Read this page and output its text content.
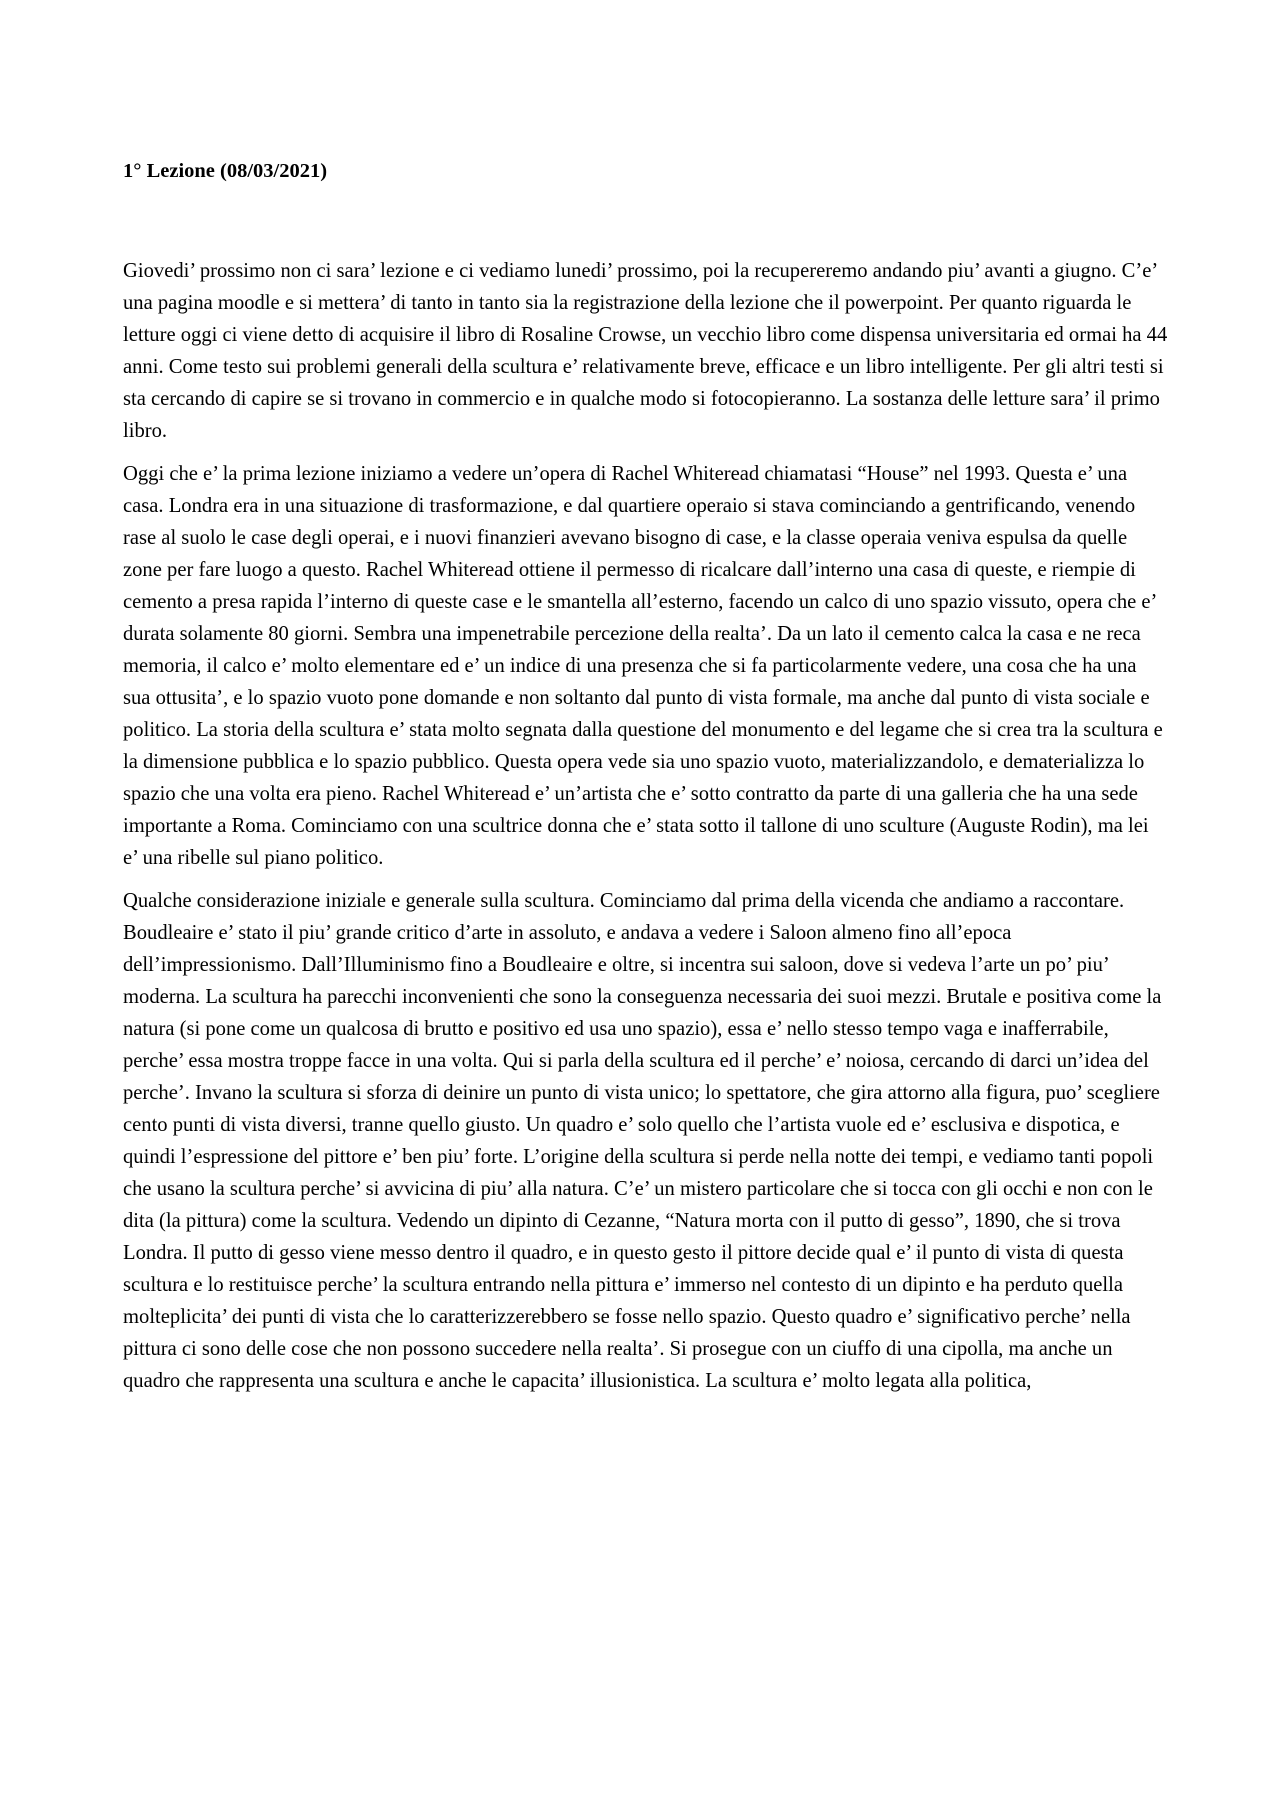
1° Lezione (08/03/2021)

Giovedi’ prossimo non ci sara’ lezione e ci vediamo lunedi’ prossimo, poi la recupereremo andando piu’ avanti a giugno. C’e’ una pagina moodle e si mettera’ di tanto in tanto sia la registrazione della lezione che il powerpoint. Per quanto riguarda le letture oggi ci viene detto di acquisire il libro di Rosaline Crowse, un vecchio libro come dispensa universitaria ed ormai ha 44 anni. Come testo sui problemi generali della scultura e’ relativamente breve, efficace e un libro intelligente. Per gli altri testi si sta cercando di capire se si trovano in commercio e in qualche modo si fotocopieranno. La sostanza delle letture sara’ il primo libro.

Oggi che e’ la prima lezione iniziamo a vedere un’opera di Rachel Whiteread chiamatasi “House” nel 1993. Questa e’ una casa. Londra era in una situazione di trasformazione, e dal quartiere operaio si stava cominciando a gentrificando, venendo rase al suolo le case degli operai, e i nuovi finanzieri avevano bisogno di case, e la classe operaia veniva espulsa da quelle zone per fare luogo a questo. Rachel Whiteread ottiene il permesso di ricalcare dall’interno una casa di queste, e riempie di cemento a presa rapida l’interno di queste case e le smantella all’esterno, facendo un calco di uno spazio vissuto, opera che e’ durata solamente 80 giorni. Sembra una impenetrabile percezione della realta’. Da un lato il cemento calca la casa e ne reca memoria, il calco e’ molto elementare ed e’ un indice di una presenza che si fa particolarmente vedere, una cosa che ha una sua ottusita’, e lo spazio vuoto pone domande e non soltanto dal punto di vista formale, ma anche dal punto di vista sociale e politico. La storia della scultura e’ stata molto segnata dalla questione del monumento e del legame che si crea tra la scultura e la dimensione pubblica e lo spazio pubblico. Questa opera vede sia uno spazio vuoto, materializzandolo, e dematerializza lo spazio che una volta era pieno. Rachel Whiteread e’ un’artista che e’ sotto contratto da parte di una galleria che ha una sede importante a Roma. Cominciamo con una scultrice donna che e’ stata sotto il tallone di uno sculture (Auguste Rodin), ma lei e’ una ribelle sul piano politico.

Qualche considerazione iniziale e generale sulla scultura. Cominciamo dal prima della vicenda che andiamo a raccontare. Boudleaire e’ stato il piu’ grande critico d’arte in assoluto, e andava a vedere i Saloon almeno fino all’epoca dell’impressionismo. Dall’Illuminismo fino a Boudleaire e oltre, si incentra sui saloon, dove si vedeva l’arte un po’ piu’ moderna. La scultura ha parecchi inconvenienti che sono la conseguenza necessaria dei suoi mezzi. Brutale e positiva come la natura (si pone come un qualcosa di brutto e positivo ed usa uno spazio), essa e’ nello stesso tempo vaga e inafferrabile, perche’ essa mostra troppe facce in una volta. Qui si parla della scultura ed il perche’ e’ noiosa, cercando di darci un’idea del perche’. Invano la scultura si sforza di deinire un punto di vista unico; lo spettatore, che gira attorno alla figura, puo’ scegliere cento punti di vista diversi, tranne quello giusto. Un quadro e’ solo quello che l’artista vuole ed e’ esclusiva e dispotica, e quindi l’espressione del pittore e’ ben piu’ forte. L’origine della scultura si perde nella notte dei tempi, e vediamo tanti popoli che usano la scultura perche’ si avvicina di piu’ alla natura. C’e’ un mistero particolare che si tocca con gli occhi e non con le dita (la pittura) come la scultura. Vedendo un dipinto di Cezanne, “Natura morta con il putto di gesso”, 1890, che si trova Londra. Il putto di gesso viene messo dentro il quadro, e in questo gesto il pittore decide qual e’ il punto di vista di questa scultura e lo restituisce perche’ la scultura entrando nella pittura e’ immerso nel contesto di un dipinto e ha perduto quella molteplicita’ dei punti di vista che lo caratterizzerebbero se fosse nello spazio. Questo quadro e’ significativo perche’ nella pittura ci sono delle cose che non possono succedere nella realta’. Si prosegue con un ciuffo di una cipolla, ma anche un quadro che rappresenta una scultura e anche le capacita’ illusionistica. La scultura e’ molto legata alla politica,
